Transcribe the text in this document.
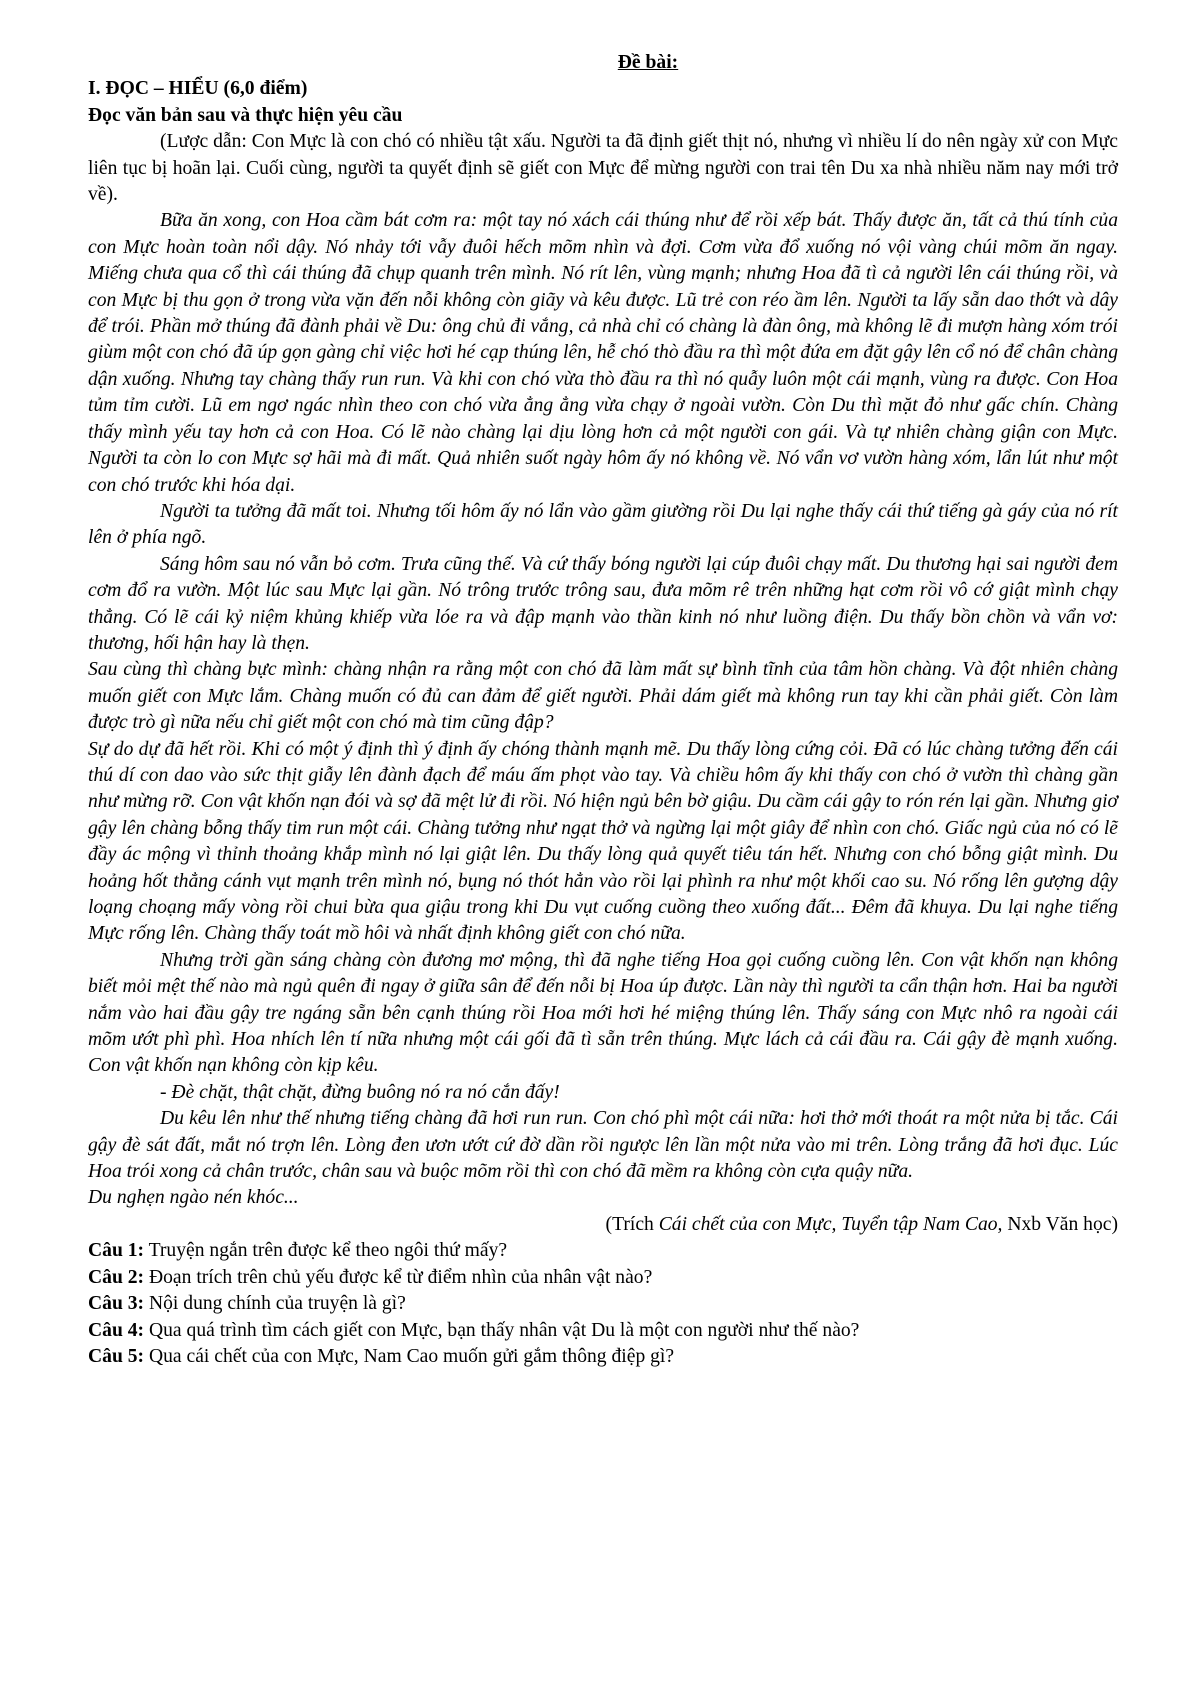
Đề bài:
I. ĐỌC – HIỂU (6,0 điểm)
Đọc văn bản sau và thực hiện yêu cầu

(Lược dẫn: Con Mực là con chó có nhiều tật xấu. Người ta đã định giết thịt nó, nhưng vì nhiều lí do nên ngày xử con Mực liên tục bị hoãn lại. Cuối cùng, người ta quyết định sẽ giết con Mực để mừng người con trai tên Du xa nhà nhiều năm nay mới trở về).

Bữa ăn xong, con Hoa cầm bát cơm ra: một tay nó xách cái thúng như để rồi xếp bát. Thấy được ăn, tất cả thú tính của con Mực hoàn toàn nổi dậy. Nó nhảy tới vẫy đuôi hếch mõm nhìn và đợi. Cơm vừa đổ xuống nó vội vàng chúi mõm ăn ngay. Miếng chưa qua cổ thì cái thúng đã chụp quanh trên mình. Nó rít lên, vùng mạnh; nhưng Hoa đã tì cả người lên cái thúng rồi, và con Mực bị thu gọn ở trong vừa vặn đến nỗi không còn giãy và kêu được. Lũ trẻ con réo ầm lên. Người ta lấy sẵn dao thớt và dây để trói. Phần mở thúng đã đành phải về Du: ông chủ đi vắng, cả nhà chỉ có chàng là đàn ông, mà không lẽ đi mượn hàng xóm trói giùm một con chó đã úp gọn gàng chỉ việc hơi hé cạp thúng lên, hễ chó thò đầu ra thì một đứa em đặt gậy lên cổ nó để chân chàng dận xuống. Nhưng tay chàng thấy run run. Và khi con chó vừa thò đầu ra thì nó quẫy luôn một cái mạnh, vùng ra được. Con Hoa tủm tỉm cười. Lũ em ngơ ngác nhìn theo con chó vừa ẳng ẳng vừa chạy ở ngoài vườn. Còn Du thì mặt đỏ như gấc chín. Chàng thấy mình yếu tay hơn cả con Hoa. Có lẽ nào chàng lại dịu lòng hơn cả một người con gái. Và tự nhiên chàng giận con Mực. Người ta còn lo con Mực sợ hãi mà đi mất. Quả nhiên suốt ngày hôm ấy nó không về. Nó vẩn vơ vườn hàng xóm, lẩn lút như một con chó trước khi hóa dại.

Người ta tưởng đã mất toi. Nhưng tối hôm ấy nó lẩn vào gầm giường rồi Du lại nghe thấy cái thứ tiếng gà gáy của nó rít lên ở phía ngõ.

Sáng hôm sau nó vẫn bỏ cơm. Trưa cũng thế. Và cứ thấy bóng người lại cúp đuôi chạy mất. Du thương hại sai người đem cơm đổ ra vườn. Một lúc sau Mực lại gần. Nó trông trước trông sau, đưa mõm rê trên những hạt cơm rồi vô cớ giật mình chạy thẳng. Có lẽ cái kỷ niệm khủng khiếp vừa lóe ra và đập mạnh vào thần kinh nó như luồng điện. Du thấy bồn chồn và vẩn vơ: thương, hối hận hay là thẹn.

Sau cùng thì chàng bực mình: chàng nhận ra rằng một con chó đã làm mất sự bình tĩnh của tâm hồn chàng. Và đột nhiên chàng muốn giết con Mực lắm. Chàng muốn có đủ can đảm để giết người. Phải dám giết mà không run tay khi cần phải giết. Còn làm được trò gì nữa nếu chỉ giết một con chó mà tim cũng đập?

Sự do dự đã hết rồi. Khi có một ý định thì ý định ấy chóng thành mạnh mẽ. Du thấy lòng cứng cỏi. Đã có lúc chàng tưởng đến cái thú dí con dao vào sức thịt giẫy lên đành đạch để máu ấm phọt vào tay. Và chiều hôm ấy khi thấy con chó ở vườn thì chàng gần như mừng rỡ. Con vật khốn nạn đói và sợ đã mệt lử đi rồi. Nó hiện ngủ bên bờ giậu. Du cầm cái gậy to rón rén lại gần. Nhưng giơ gậy lên chàng bỗng thấy tim run một cái. Chàng tưởng như ngạt thở và ngừng lại một giây để nhìn con chó. Giấc ngủ của nó có lẽ đầy ác mộng vì thỉnh thoảng khắp mình nó lại giật lên. Du thấy lòng quả quyết tiêu tán hết. Nhưng con chó bỗng giật mình. Du hoảng hốt thẳng cánh vụt mạnh trên mình nó, bụng nó thót hẳn vào rồi lại phình ra như một khối cao su. Nó rống lên gượng dậy loạng choạng mấy vòng rồi chui bừa qua giậu trong khi Du vụt cuống cuồng theo xuống đất... Đêm đã khuya. Du lại nghe tiếng Mực rống lên. Chàng thấy toát mồ hôi và nhất định không giết con chó nữa.

Nhưng trời gần sáng chàng còn đương mơ mộng, thì đã nghe tiếng Hoa gọi cuống cuồng lên. Con vật khốn nạn không biết mỏi mệt thế nào mà ngủ quên đi ngay ở giữa sân để đến nỗi bị Hoa úp được. Lần này thì người ta cẩn thận hơn. Hai ba người nắm vào hai đầu gậy tre ngáng sẵn bên cạnh thúng rồi Hoa mới hơi hé miệng thúng lên. Thấy sáng con Mực nhô ra ngoài cái mõm ướt phì phì. Hoa nhích lên tí nữa nhưng một cái gối đã tì sẵn trên thúng. Mực lách cả cái đầu ra. Cái gậy đè mạnh xuống. Con vật khốn nạn không còn kịp kêu.

- Đè chặt, thật chặt, đừng buông nó ra nó cắn đấy!

Du kêu lên như thế nhưng tiếng chàng đã hơi run run. Con chó phì một cái nữa: hơi thở mới thoát ra một nửa bị tắc. Cái gậy đè sát đất, mắt nó trợn lên. Lòng đen ươn ướt cứ đờ dần rồi ngược lên lần một nửa vào mi trên. Lòng trắng đã hơi đục. Lúc Hoa trói xong cả chân trước, chân sau và buộc mõm rồi thì con chó đã mềm ra không còn cựa quậy nữa.

Du nghẹn ngào nén khóc...

(Trích Cái chết của con Mực, Tuyển tập Nam Cao, Nxb Văn học)

Câu 1: Truyện ngắn trên được kể theo ngôi thứ mấy?

Câu 2: Đoạn trích trên chủ yếu được kể từ điểm nhìn của nhân vật nào?

Câu 3: Nội dung chính của truyện là gì?

Câu 4: Qua quá trình tìm cách giết con Mực, bạn thấy nhân vật Du là một con người như thế nào?

Câu 5: Qua cái chết của con Mực, Nam Cao muốn gửi gắm thông điệp gì?
